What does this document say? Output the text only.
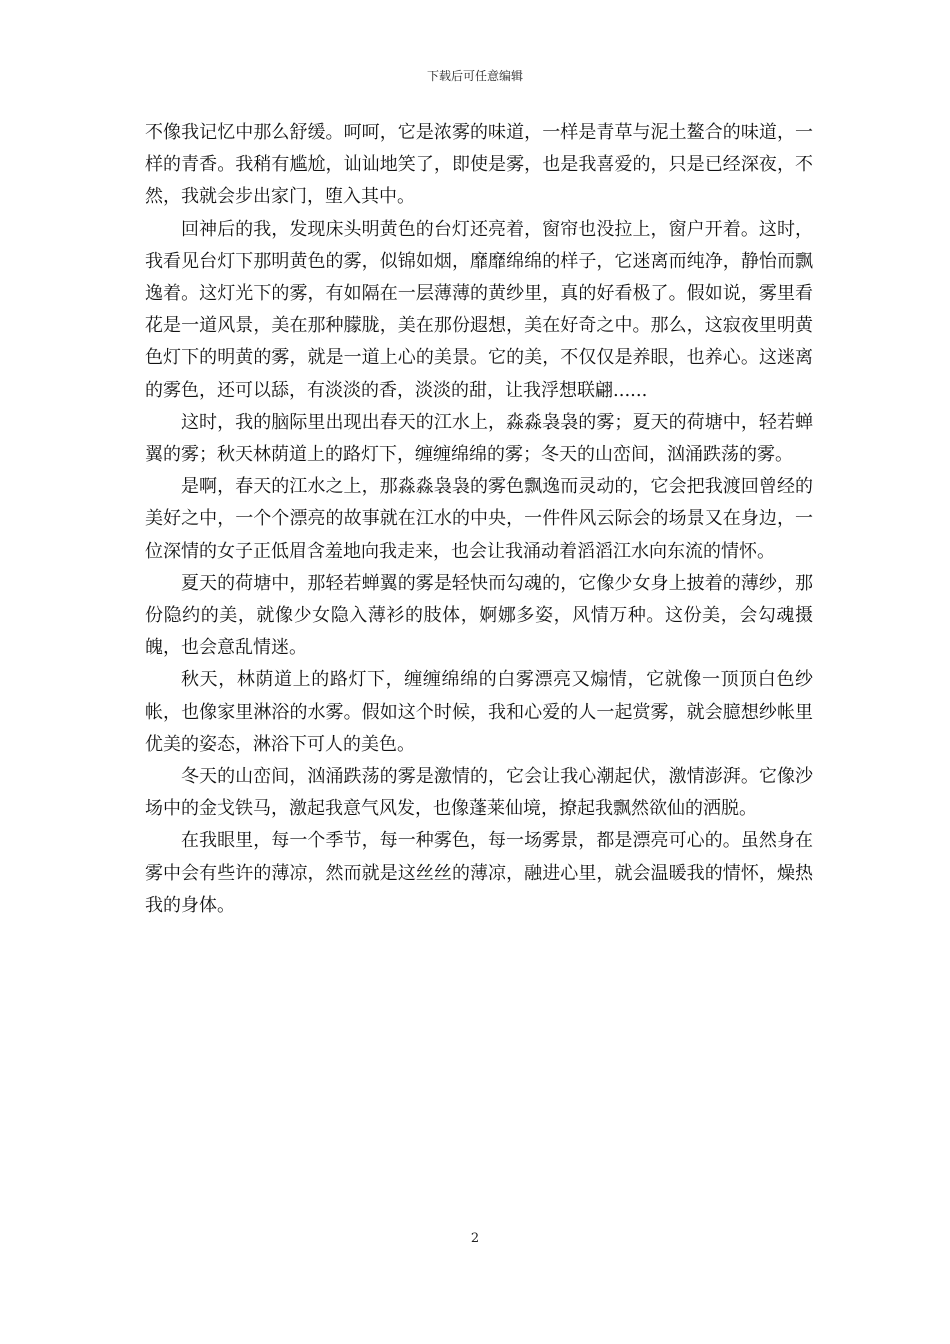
下载后可任意编辑

不像我记忆中那么舒缓。呵呵，它是浓雾的味道，一样是青草与泥土鳌合的味道，一样的青香。我稍有尴尬，讪讪地笑了，即使是雾，也是我喜爱的，只是已经深夜，不然，我就会步出家门，堕入其中。

回神后的我，发现床头明黄色的台灯还亮着，窗帘也没拉上，窗户开着。这时，我看见台灯下那明黄色的雾，似锦如烟，靡靡绵绵的样子，它迷离而纯净，静怡而飘逸着。这灯光下的雾，有如隔在一层薄薄的黄纱里，真的好看极了。假如说，雾里看花是一道风景，美在那种朦胧，美在那份遐想，美在好奇之中。那么，这寂夜里明黄色灯下的明黄的雾，就是一道上心的美景。它的美，不仅仅是养眼，也养心。这迷离的雾色，还可以舔，有淡淡的香，淡淡的甜，让我浮想联翩......

这时，我的脑际里出现出春天的江水上，淼淼袅袅的雾；夏天的荷塘中，轻若蝉翼的雾；秋天林荫道上的路灯下，缠缠绵绵的雾；冬天的山峦间，汹涌跌荡的雾。

是啊，春天的江水之上，那淼淼袅袅的雾色飘逸而灵动的，它会把我渡回曾经的美好之中，一个个漂亮的故事就在江水的中央，一件件风云际会的场景又在身边，一位深情的女子正低眉含羞地向我走来，也会让我涌动着滔滔江水向东流的情怀。

夏天的荷塘中，那轻若蝉翼的雾是轻快而勾魂的，它像少女身上披着的薄纱，那份隐约的美，就像少女隐入薄衫的肢体，婀娜多姿，风情万种。这份美，会勾魂摄魄，也会意乱情迷。

秋天，林荫道上的路灯下，缠缠绵绵的白雾漂亮又煽情，它就像一顶顶白色纱帐，也像家里淋浴的水雾。假如这个时候，我和心爱的人一起赏雾，就会臆想纱帐里优美的姿态，淋浴下可人的美色。

冬天的山峦间，汹涌跌荡的雾是激情的，它会让我心潮起伏，激情澎湃。它像沙场中的金戈铁马，激起我意气风发，也像蓬莱仙境，撩起我飘然欲仙的洒脱。

在我眼里，每一个季节，每一种雾色，每一场雾景，都是漂亮可心的。虽然身在雾中会有些许的薄凉，然而就是这丝丝的薄凉，融进心里，就会温暖我的情怀，燥热我的身体。

2
